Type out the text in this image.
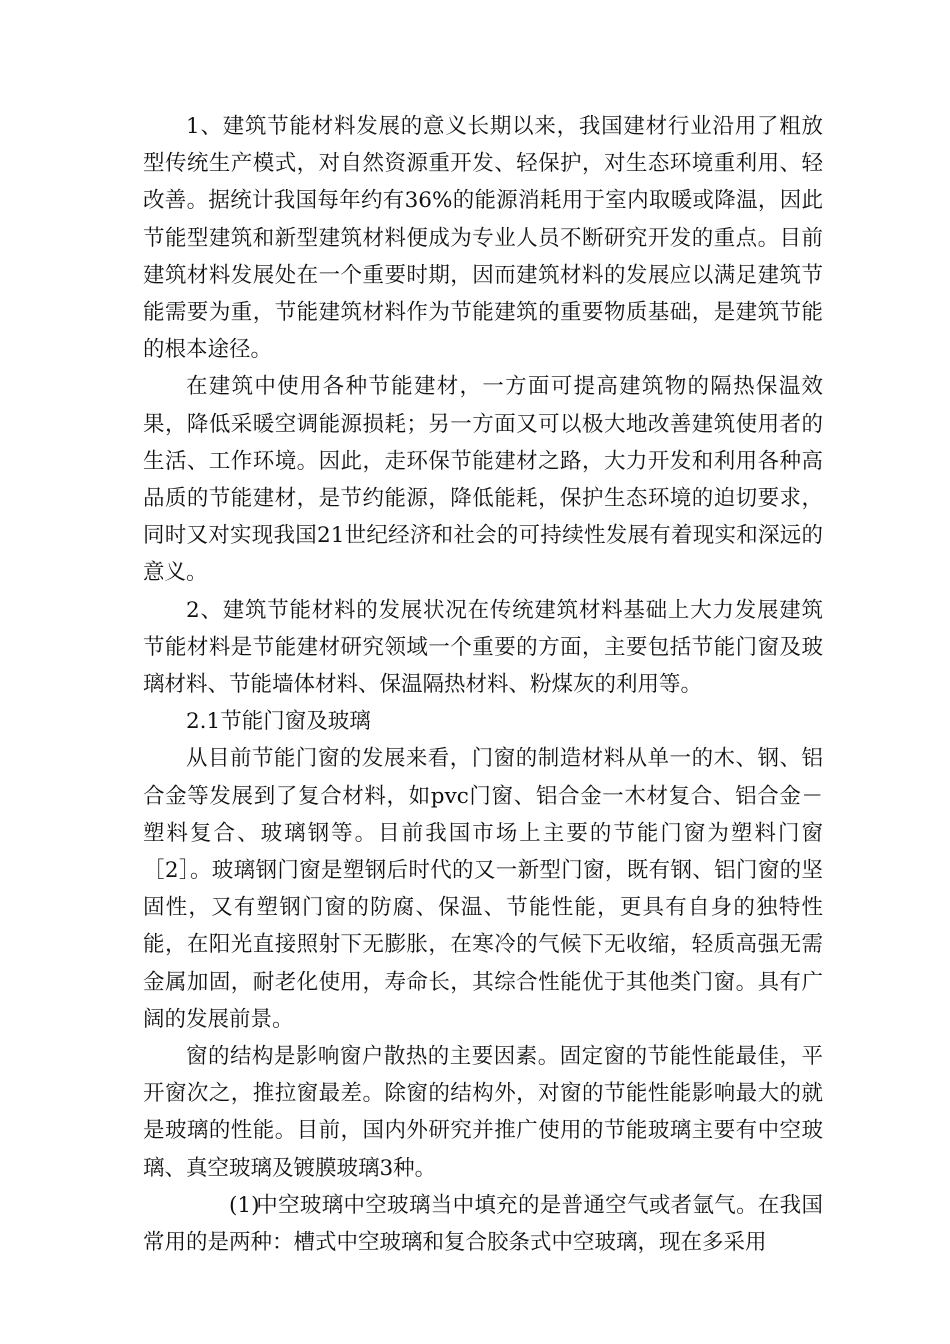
1、建筑节能材料发展的意义长期以来，我国建材行业沿用了粗放型传统生产模式，对自然资源重开发、轻保护，对生态环境重利用、轻改善。据统计我国每年约有36%的能源消耗用于室内取暖或降温，因此节能型建筑和新型建筑材料便成为专业人员不断研究开发的重点。目前建筑材料发展处在一个重要时期，因而建筑材料的发展应以满足建筑节能需要为重，节能建筑材料作为节能建筑的重要物质基础，是建筑节能的根本途径。

在建筑中使用各种节能建材，一方面可提高建筑物的隔热保温效果，降低采暖空调能源损耗；另一方面又可以极大地改善建筑使用者的生活、工作环境。因此，走环保节能建材之路，大力开发和利用各种高品质的节能建材，是节约能源，降低能耗，保护生态环境的迫切要求，同时又对实现我国21世纪经济和社会的可持续性发展有着现实和深远的意义。

2、建筑节能材料的发展状况在传统建筑材料基础上大力发展建筑节能材料是节能建材研究领域一个重要的方面，主要包括节能门窗及玻璃材料、节能墙体材料、保温隔热材料、粉煤灰的利用等。

2.1节能门窗及玻璃

从目前节能门窗的发展来看，门窗的制造材料从单一的木、钢、铝合金等发展到了复合材料，如pvc门窗、铝合金一木材复合、铝合金－塑料复合、玻璃钢等。目前我国市场上主要的节能门窗为塑料门窗［2］。玻璃钢门窗是塑钢后时代的又一新型门窗，既有钢、铝门窗的坚固性，又有塑钢门窗的防腐、保温、节能性能，更具有自身的独特性能，在阳光直接照射下无膨胀，在寒冷的气候下无收缩，轻质高强无需金属加固，耐老化使用，寿命长，其综合性能优于其他类门窗。具有广阔的发展前景。

窗的结构是影响窗户散热的主要因素。固定窗的节能性能最佳，平开窗次之，推拉窗最差。除窗的结构外，对窗的节能性能影响最大的就是玻璃的性能。目前，国内外研究并推广使用的节能玻璃主要有中空玻璃、真空玻璃及镀膜玻璃3种。

(1)中空玻璃中空玻璃当中填充的是普通空气或者氩气。在我国常用的是两种：槽式中空玻璃和复合胶条式中空玻璃，现在多采用
